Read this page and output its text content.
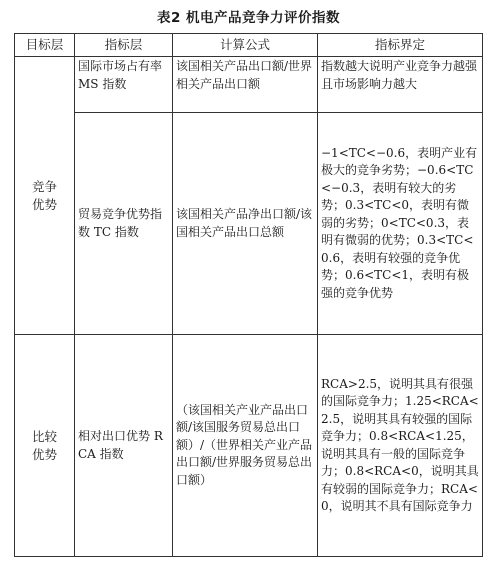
表2 机电产品竞争力评价指数
目标层	指标层	计算公式	指标界定

竞争优势	国际市场占有率 MS 指数	该国相关产品出口额/世界相关产品出口额	指数越大说明产业竞争力越强且市场影响力越大

	贸易竞争优势指数 TC 指数	该国相关产品净出口额/该国相关产品出口总额	−1<TC<−0.6，表明产业有极大的竞争劣势；−0.6<TC<−0.3，表明有较大的劣势；0.3<TC<0，表明有微弱的劣势；0<TC<0.3，表明有微弱的优势；0.3<TC<0.6，表明有较强的竞争优势；0.6<TC<1，表明有极强的竞争优势

比较优势	相对出口优势 RCA 指数	（该国相关产业产品出口额/该国服务贸易总出口额）/（世界相关产业产品出口额/世界服务贸易总出口额）	RCA>2.5，说明其具有很强的国际竞争力；1.25<RCA<2.5，说明其具有较强的国际竞争力；0.8<RCA<1.25，说明其具有一般的国际竞争力；0.8<RCA<0，说明其具有较弱的国际竞争力；RCA<0，说明其不具有国际竞争力
